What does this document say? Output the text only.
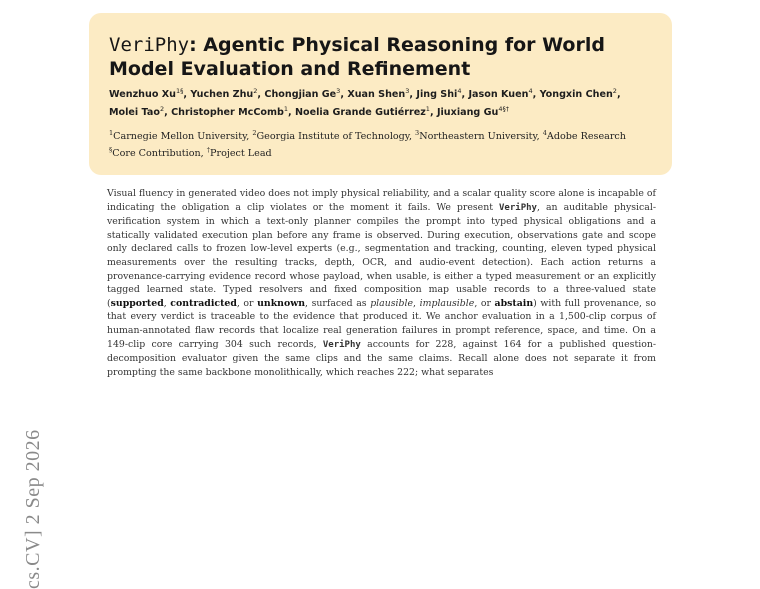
cs.CV] 2 Sep 2026
VeriPhy: Agentic Physical Reasoning for World
Model Evaluation and Refinement
Wenzhuo $Xu^{1\S}$, Yuchen Zhu$^2$, Chongjian Ge$^3$, Xuan Shen$^3$, Jing Shi$^4$, Jason Kuen$^4$, Yongxin Chen$^2$, Molei Tao$^2$, Christopher McComb$^1$, Noelia Grande Gutiérrez$^1$, Jiuxiang $Gu^{4\S\dagger}$
$^1$Carnegie Mellon University, $^2$Georgia Institute of Technology, $^3$Northeastern University, $^4$Adobe Research
§Core Contribution, †Project Lead
Visual fluency in generated video does not imply physical reliability, and a scalar quality score alone is incapable of indicating the obligation a clip violates or the moment it fails. We present VeriPhy, an auditable physical-verification system in which a text-only planner compiles the prompt into typed physical obligations and a statically validated execution plan before any frame is observed. During execution, observations gate and scope only declared calls to frozen low-level experts (e.g., segmentation and tracking, counting, eleven typed physical measurements over the resulting tracks, depth, OCR, and audio-event detection). Each action returns a provenance-carrying evidence record whose payload, when usable, is either a typed measurement or an explicitly tagged learned state. Typed resolvers and fixed composition map usable records to a three-valued state (supported, contradicted, or unknown, surfaced as plausible, implausible, or abstain) with full provenance, so that every verdict is traceable to the evidence that produced it. We anchor evaluation in a 1,500-clip corpus of human-annotated flaw records that localize real generation failures in prompt reference, space, and time. On a 149-clip core carrying 304 such records, VeriPhy accounts for 228, against 164 for a published question-decomposition evaluator given the same clips and the same claims. Recall alone does not separate it from prompting the same backbone monolithically, which reaches 222; what separates
